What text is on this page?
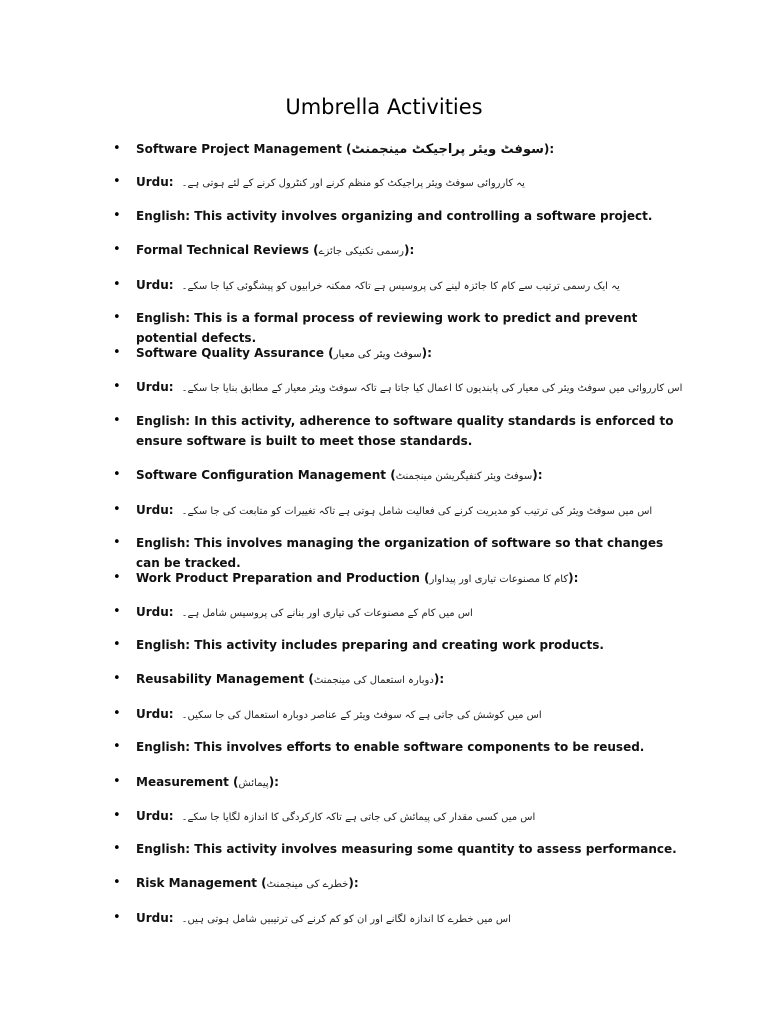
Umbrella Activities
• Software Project Management (سوفٹ ویئر پراجیکٹ مینجمنٹ):
• Urdu: یہ کارروائی سوفٹ ویئر پراجیکٹ کو منظم کرنے اور کنٹرول کرنے کے لئے ہوتی ہے۔
• English: This activity involves organizing and controlling a software project.
• Formal Technical Reviews (رسمی تکنیکی جائزے):
• Urdu: یہ ایک رسمی ترتیب سے کام کا جائزہ لینے کی پروسیس ہے تاکہ ممکنہ خرابیوں کو پیشگوئی کیا جا سکے۔
• English: This is a formal process of reviewing work to predict and prevent potential defects.
• Software Quality Assurance (سوفٹ ویئر کی معیار):
• Urdu: اس کارروائی میں سوفٹ ویئر کی معیار کی پابندیوں کا اعمال کیا جاتا ہے تاکہ سوفٹ ویئر معیار کے مطابق بنایا جا سکے۔
• English: In this activity, adherence to software quality standards is enforced to ensure software is built to meet those standards.
• Software Configuration Management (سوفٹ ویئر کنفیگریشن مینجمنٹ):
• Urdu: اس میں سوفٹ ویئر کی ترتیب کو مدیریت کرنے کی فعالیت شامل ہوتی ہے تاکہ تغییرات کو متابعت کی جا سکے۔
• English: This involves managing the organization of software so that changes can be tracked.
• Work Product Preparation and Production (کام کا مصنوعات تیاری اور پیداوار):
• Urdu: اس میں کام کے مصنوعات کی تیاری اور بنانے کی پروسیس شامل ہے۔
• English: This activity includes preparing and creating work products.
• Reusability Management (دوبارہ استعمال کی مینجمنٹ):
• Urdu: اس میں کوشش کی جاتی ہے کہ سوفٹ ویئر کے عناصر دوبارہ استعمال کی جا سکیں۔
• English: This involves efforts to enable software components to be reused.
• Measurement (پیمائش):
• Urdu: اس میں کسی مقدار کی پیمائش کی جاتی ہے تاکہ کارکردگی کا اندازہ لگایا جا سکے۔
• English: This activity involves measuring some quantity to assess performance.
• Risk Management (خطرے کی مینجمنٹ):
• Urdu: اس میں خطرے کا اندازہ لگانے اور ان کو کم کرنے کی ترتیبیں شامل ہوتی ہیں۔
